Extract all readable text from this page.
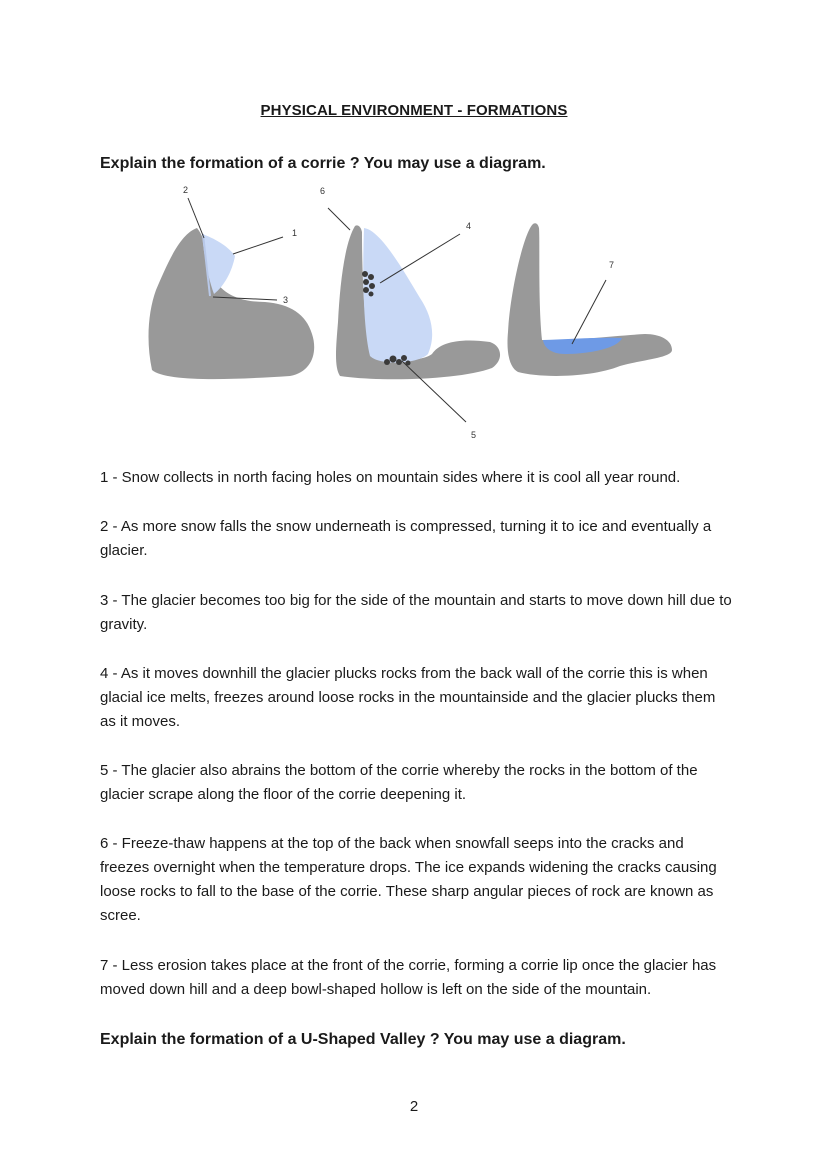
PHYSICAL ENVIRONMENT - FORMATIONS
Explain the formation of a corrie ? You may use a diagram.
1
2
3
4
5
6
7

1 - Snow collects in north facing holes on mountain sides where it is cool all year round.

2 - As more snow falls the snow underneath is compressed, turning it to ice and eventually a glacier.

3 - The glacier becomes too big for the side of the mountain and starts to move down hill due to gravity.

4 - As it moves downhill the glacier plucks rocks from the back wall of the corrie this is when glacial ice melts, freezes around loose rocks in the mountainside and the glacier plucks them as it moves.

5 - The glacier also abrains the bottom of the corrie whereby the rocks in the bottom of the glacier scrape along the floor of the corrie deepening it.

6 - Freeze-thaw happens at the top of the back when snowfall seeps into the cracks and freezes overnight when the temperature drops. The ice expands widening the cracks causing loose rocks to fall to the base of the corrie. These sharp angular pieces of rock are known as scree.

7 - Less erosion takes place at the front of the corrie, forming a corrie lip once the glacier has moved down hill and a deep bowl-shaped hollow is left on the side of the mountain.

Explain the formation of a U-Shaped Valley ? You may use a diagram.
2
